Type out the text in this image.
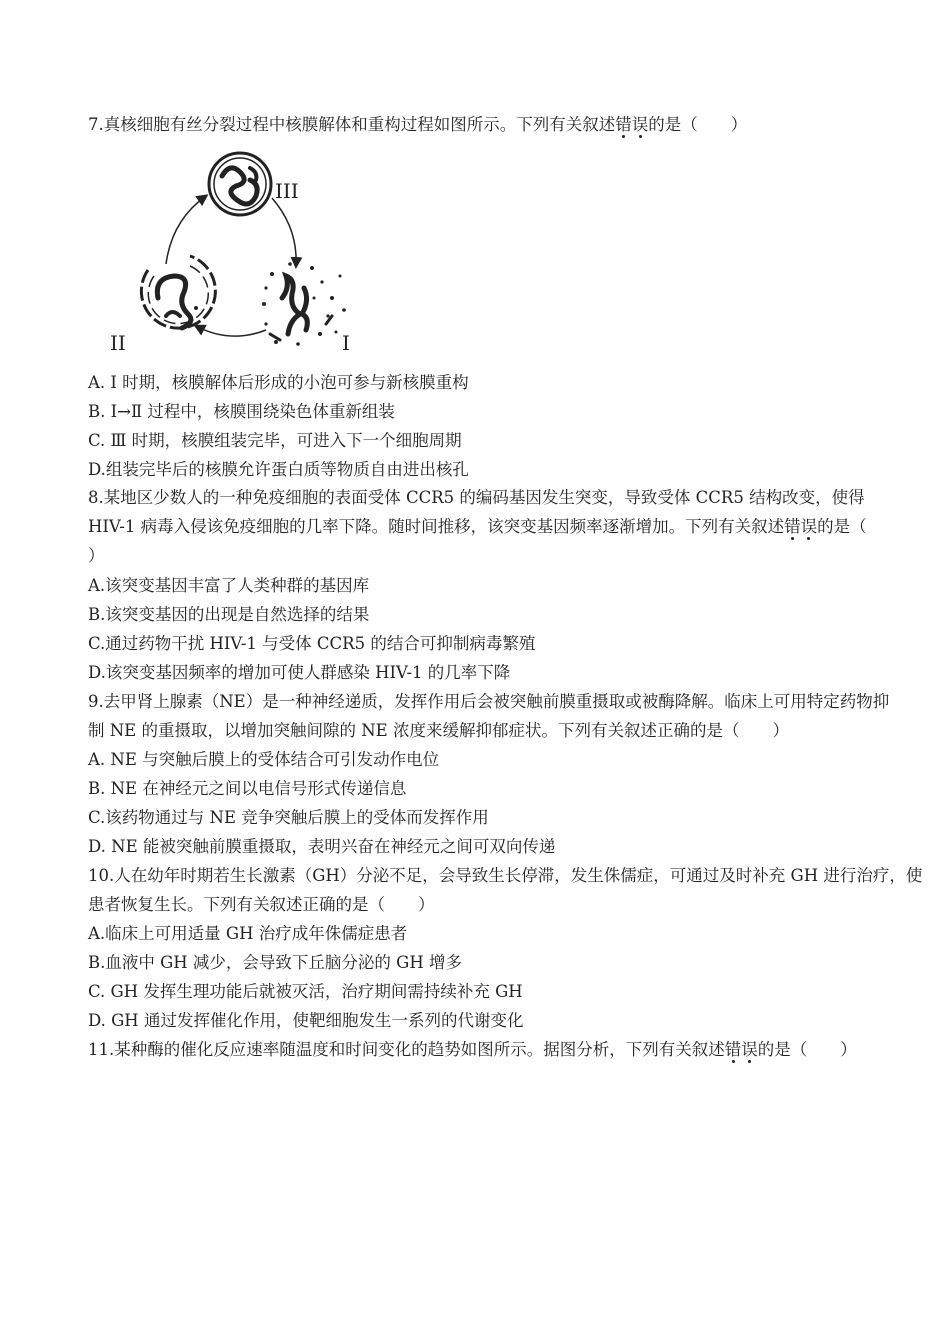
7.真核细胞有丝分裂过程中核膜解体和重构过程如图所示。下列有关叙述错误的是（　　）
III
II	I
A. Ⅰ 时期，核膜解体后形成的小泡可参与新核膜重构
B. Ⅰ→Ⅱ 过程中，核膜围绕染色体重新组装
C. Ⅲ 时期，核膜组装完毕，可进入下一个细胞周期
D.组装完毕后的核膜允许蛋白质等物质自由进出核孔
8.某地区少数人的一种免疫细胞的表面受体 CCR5 的编码基因发生突变，导致受体 CCR5 结构改变，使得
HIV-1 病毒入侵该免疫细胞的几率下降。随时间推移，该突变基因频率逐渐增加。下列有关叙述错误的是（
）
A.该突变基因丰富了人类种群的基因库
B.该突变基因的出现是自然选择的结果
C.通过药物干扰 HIV-1 与受体 CCR5 的结合可抑制病毒繁殖
D.该突变基因频率的增加可使人群感染 HIV-1 的几率下降
9.去甲肾上腺素（NE）是一种神经递质，发挥作用后会被突触前膜重摄取或被酶降解。临床上可用特定药物抑
制 NE 的重摄取，以增加突触间隙的 NE 浓度来缓解抑郁症状。下列有关叙述正确的是（　　）
A. NE 与突触后膜上的受体结合可引发动作电位
B. NE 在神经元之间以电信号形式传递信息
C.该药物通过与 NE 竞争突触后膜上的受体而发挥作用
D. NE 能被突触前膜重摄取，表明兴奋在神经元之间可双向传递
10.人在幼年时期若生长激素（GH）分泌不足，会导致生长停滞，发生侏儒症，可通过及时补充 GH 进行治疗，使
患者恢复生长。下列有关叙述正确的是（　　）
A.临床上可用适量 GH 治疗成年侏儒症患者
B.血液中 GH 减少，会导致下丘脑分泌的 GH 增多
C. GH 发挥生理功能后就被灭活，治疗期间需持续补充 GH
D. GH 通过发挥催化作用，使靶细胞发生一系列的代谢变化
11.某种酶的催化反应速率随温度和时间变化的趋势如图所示。据图分析，下列有关叙述错误的是（　　）
